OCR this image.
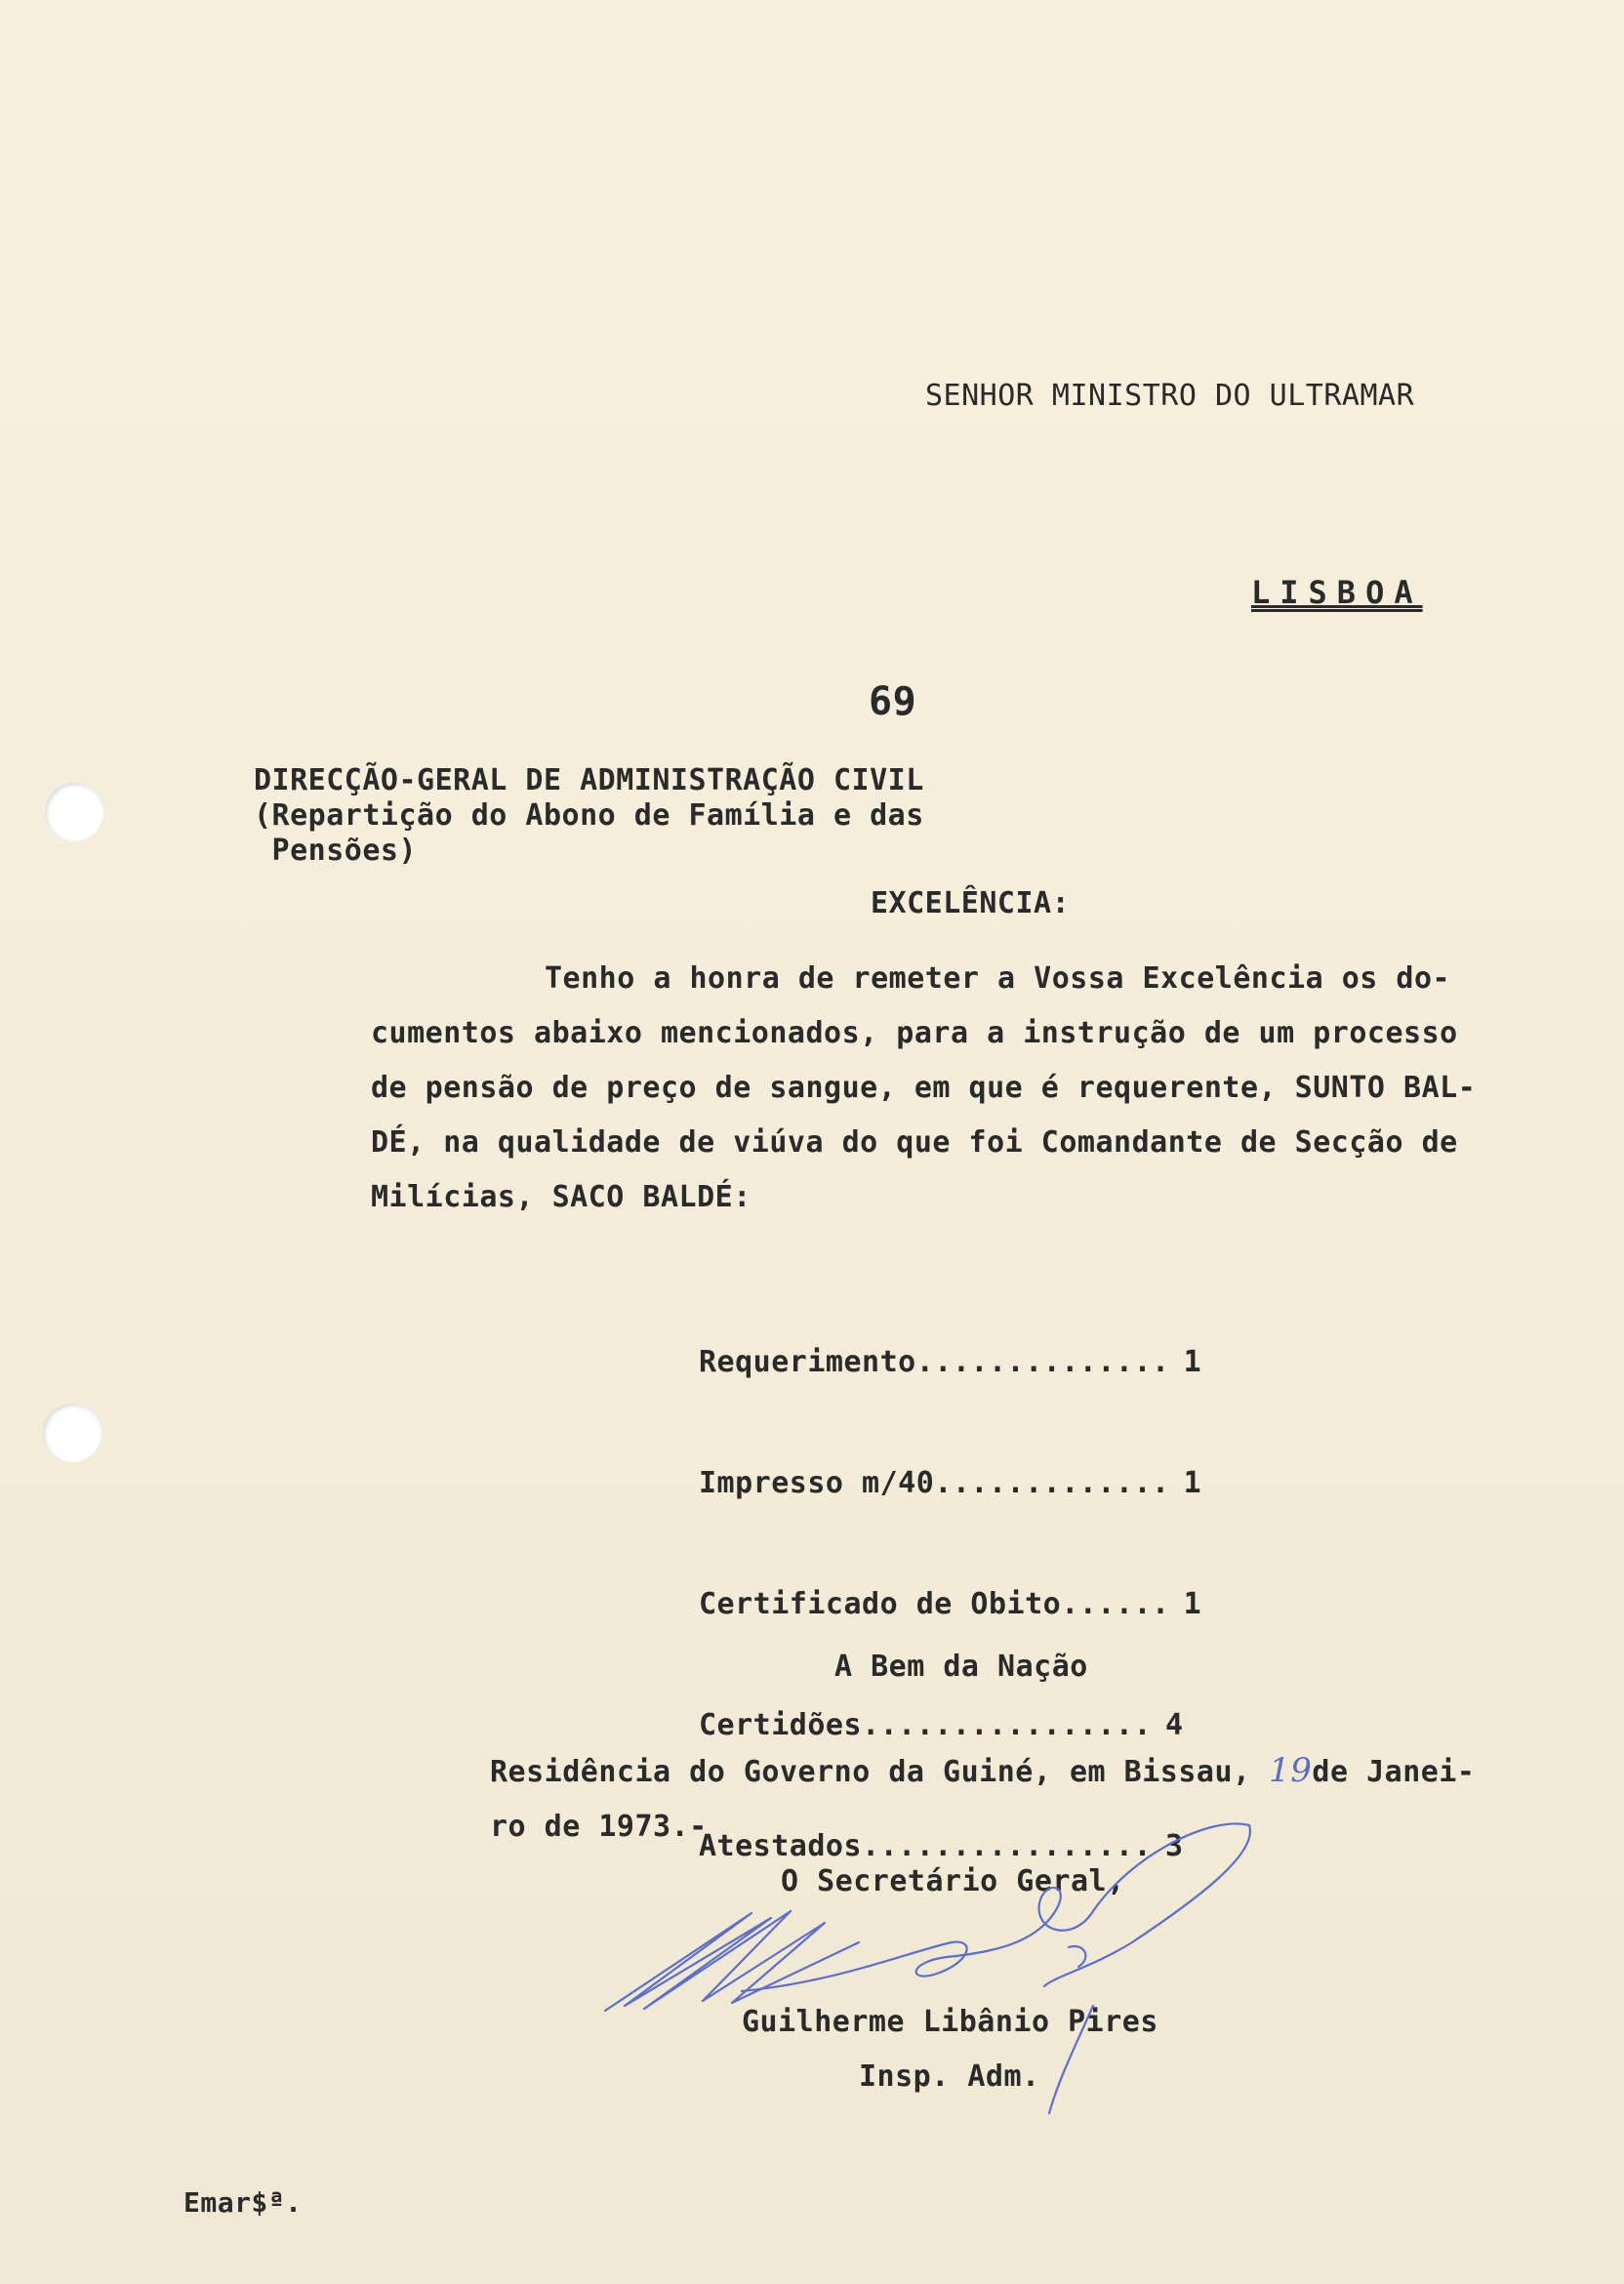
SENHOR MINISTRO DO ULTRAMAR
LISBOA
69
DIRECÇÃO-GERAL DE ADMINISTRAÇÃO CIVIL
(Repartição do Abono de Família e das
Pensões)
EXCELÊNCIA:

Tenho a honra de remeter a Vossa Excelência os do-

cumentos abaixo mencionados, para a instrução de um processo
de pensão de preço de sangue, em que é requerente, SUNTO BAL-
DÉ, na qualidade de viúva do que foi Comandante de Secção de
Milícias, SACO BALDÉ:

Requerimento .............. 1

Impresso m/40 ............. 1

Certificado de Obito ...... 1

Certidões ................ 4

Atestados ................ 3

A Bem da Nação
Residência do Governo da Guiné, em Bissau, 19de Janei-
ro de 1973.-
O Secretário Geral,
Guilherme Libânio Pires
Insp. Adm.
Emar$ª.
